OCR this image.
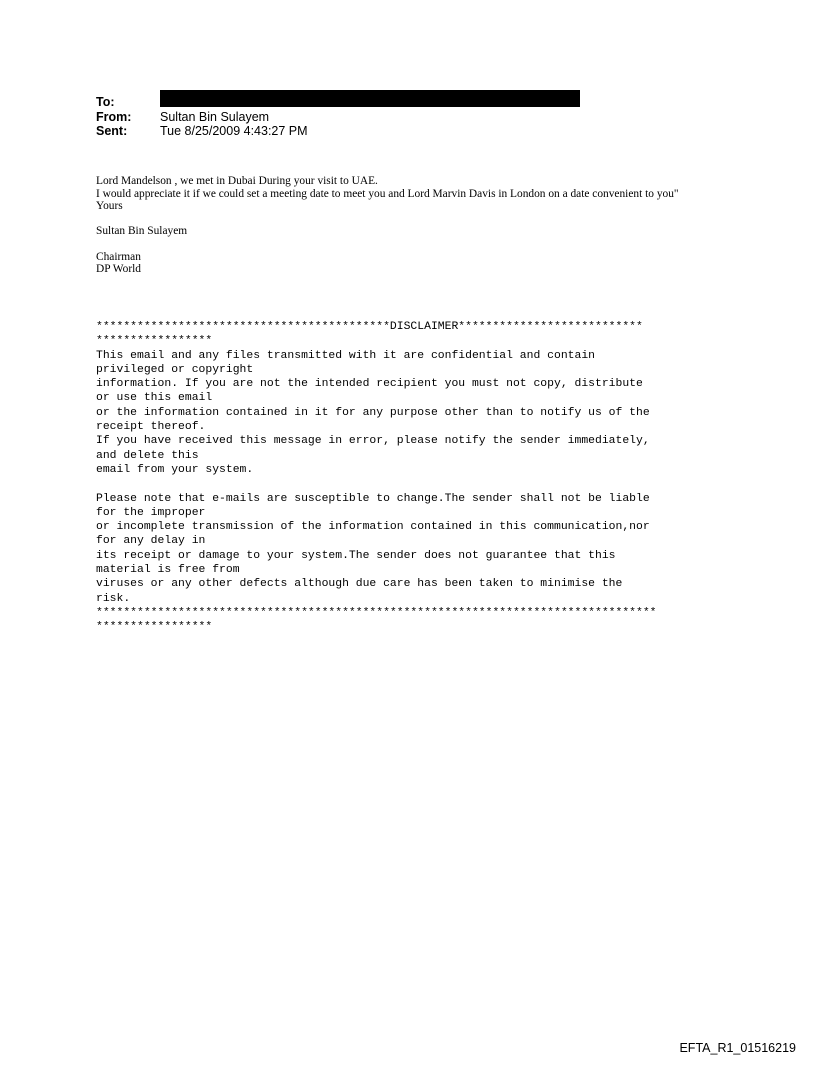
To:
From: Sultan Bin Sulayem
Sent:	Tue 8/25/2009 4:43:27 PM

Lord Mandelson , we met in Dubai During your visit to UAE.

I would appreciate it if we could set a meeting date to meet you and Lord Marvin Davis in London on a date convenient to you"

Yours

Sultan Bin Sulayem

Chairman

DP World

*******************************************DISCLAIMER***************************
*****************
This email and any files transmitted with it are confidential and contain
privileged or copyright
information. If you are not the intended recipient you must not copy, distribute
or use this email
or the information contained in it for any purpose other than to notify us of the
receipt thereof.
If you have received this message in error, please notify the sender immediately,
and delete this
email from your system.
Please note that e-mails are susceptible to change.The sender shall not be liable
for the improper
or incomplete transmission of the information contained in this communication,nor
for any delay in
its receipt or damage to your system.The sender does not guarantee that this
material is free from
viruses or any other defects although due care has been taken to minimise the
risk.
**********************************************************************************
*****************
EFTA_R1_01516219
